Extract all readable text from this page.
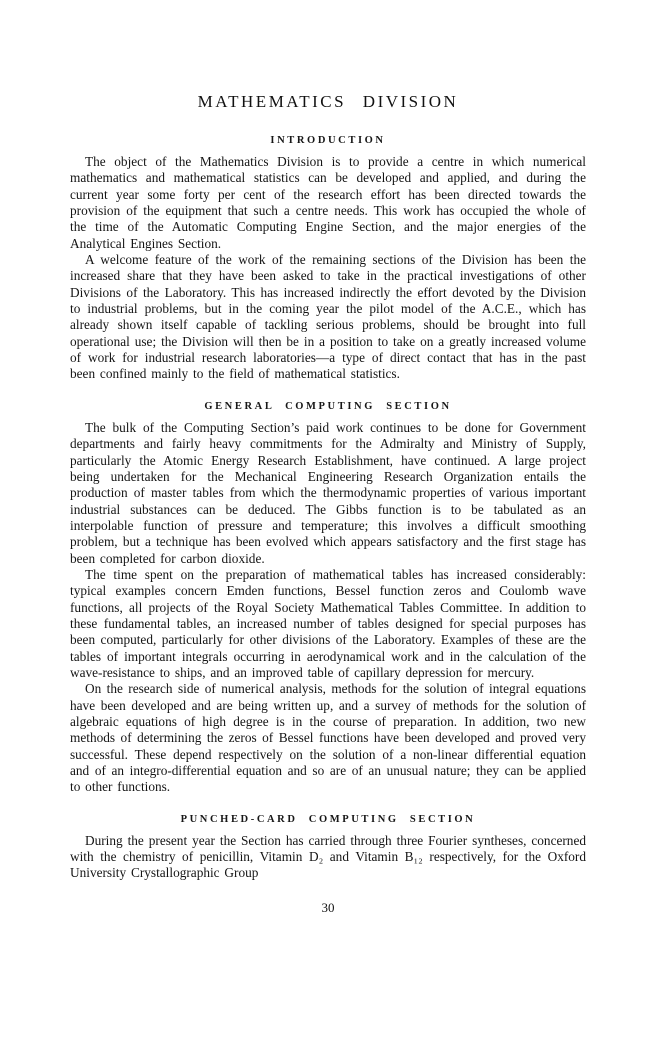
MATHEMATICS DIVISION
INTRODUCTION

The object of the Mathematics Division is to provide a centre in which numerical mathematics and mathematical statistics can be developed and applied, and during the current year some forty per cent of the research effort has been directed towards the provision of the equipment that such a centre needs. This work has occupied the whole of the time of the Automatic Computing Engine Section, and the major energies of the Analytical Engines Section.

A welcome feature of the work of the remaining sections of the Division has been the increased share that they have been asked to take in the practical investigations of other Divisions of the Laboratory. This has increased indirectly the effort devoted by the Division to industrial problems, but in the coming year the pilot model of the A.C.E., which has already shown itself capable of tackling serious problems, should be brought into full operational use; the Division will then be in a position to take on a greatly increased volume of work for industrial research laboratories—a type of direct contact that has in the past been confined mainly to the field of mathematical statistics.

GENERAL COMPUTING SECTION

The bulk of the Computing Section’s paid work continues to be done for Government departments and fairly heavy commitments for the Admiralty and Ministry of Supply, particularly the Atomic Energy Research Establishment, have continued. A large project being undertaken for the Mechanical Engineering Research Organization entails the production of master tables from which the thermodynamic properties of various important industrial substances can be deduced. The Gibbs function is to be tabulated as an interpolable function of pressure and temperature; this involves a difficult smoothing problem, but a technique has been evolved which appears satisfactory and the first stage has been completed for carbon dioxide.

The time spent on the preparation of mathematical tables has increased considerably: typical examples concern Emden functions, Bessel function zeros and Coulomb wave functions, all projects of the Royal Society Mathematical Tables Committee. In addition to these fundamental tables, an increased number of tables designed for special purposes has been computed, particularly for other divisions of the Laboratory. Examples of these are the tables of important integrals occurring in aerodynamical work and in the calculation of the wave-resistance to ships, and an improved table of capillary depression for mercury.

On the research side of numerical analysis, methods for the solution of integral equations have been developed and are being written up, and a survey of methods for the solution of algebraic equations of high degree is in the course of preparation. In addition, two new methods of determining the zeros of Bessel functions have been developed and proved very successful. These depend respectively on the solution of a non-linear differential equation and of an integro-differential equation and so are of an unusual nature; they can be applied to other functions.

PUNCHED-CARD COMPUTING SECTION

During the present year the Section has carried through three Fourier syntheses, concerned with the chemistry of penicillin, Vitamin D₂ and Vitamin B₁₂ respectively, for the Oxford University Crystallographic Group

30
